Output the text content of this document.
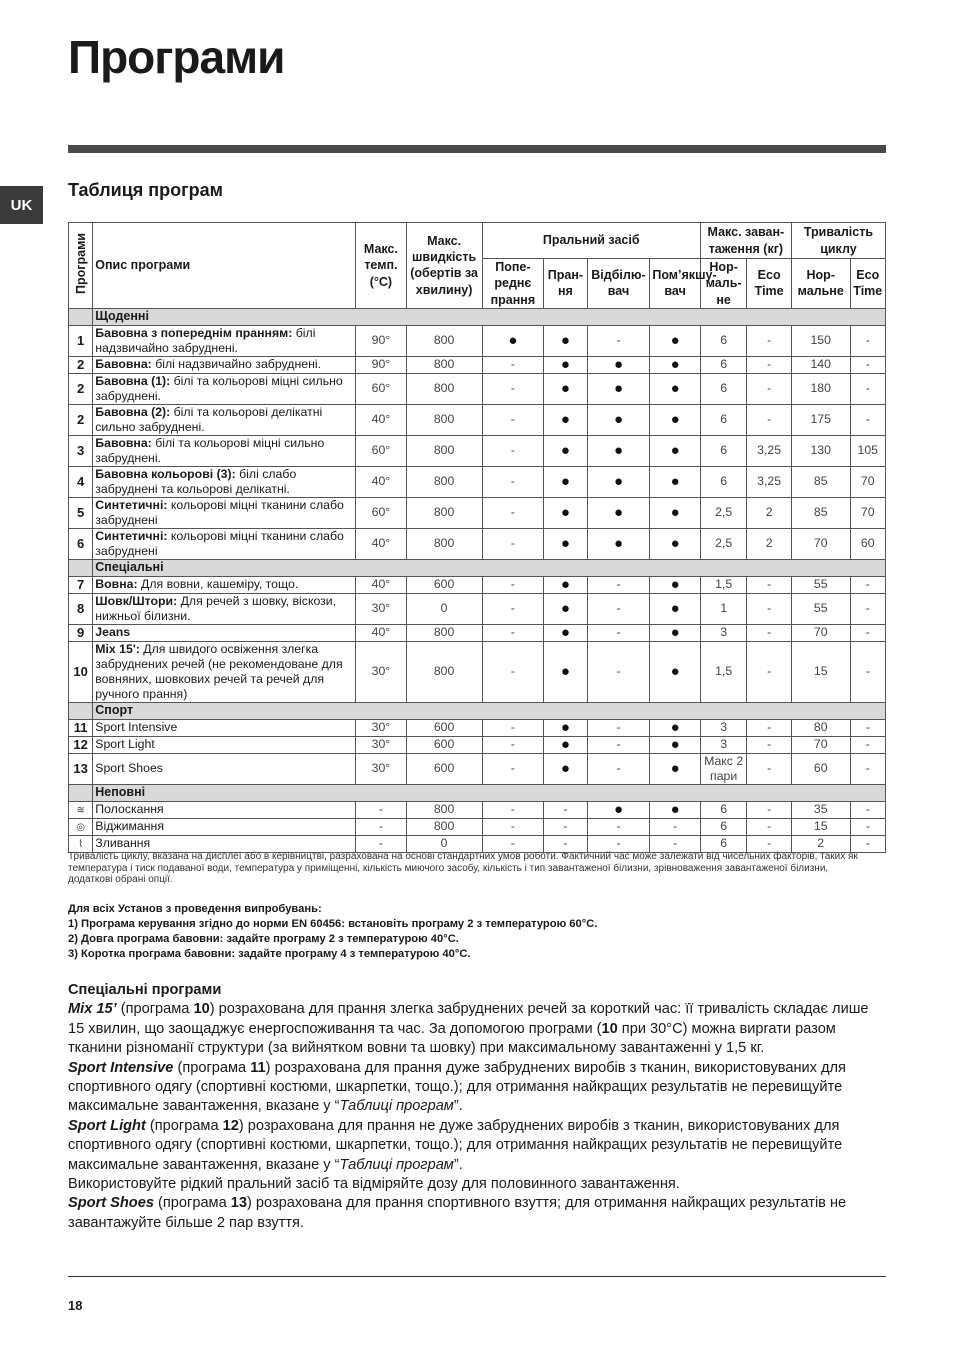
Програми
UK
Таблиця програм
Програми	Опис програми	Макс. темп. (°C)	Макс. швидкість (обертів за хвилину)	Пральний засіб				Макс. заван-таження (кг)		Тривалість циклу	
				Попе-реднє прання	Пран-ня	Відбілю-вач	Пом’якшу-вач	Нор-маль-не	Eco Time	Нор-мальне	Eco Time
	Щоденні										
1	Бавовна з попереднім пранням: білі надзвичайно забруднені.	90°	800	●	●	-	●	6	-	150	-
2	Бавовна: білі надзвичайно забруднені.	90°	800	-	●	●	●	6	-	140	-
2	Бавовна (1): білі та кольорові міцні сильно забруднені.	60°	800	-	●	●	●	6	-	180	-
2	Бавовна (2): білі та кольорові делікатні сильно забруднені.	40°	800	-	●	●	●	6	-	175	-
3	Бавовна: білі та кольорові міцні сильно забруднені.	60°	800	-	●	●	●	6	3,25	130	105
4	Бавовна кольорові (3): білі слабо забруднені та кольорові делікатні.	40°	800	-	●	●	●	6	3,25	85	70
5	Синтетичні: кольорові міцні тканини слабо забруднені	60°	800	-	●	●	●	2,5	2	85	70
6	Синтетичні: кольорові міцні тканини слабо забруднені	40°	800	-	●	●	●	2,5	2	70	60
	Спеціальні										
7	Вовна: Для вовни, кашеміру, тощо.	40°	600	-	●	-	●	1,5	-	55	-
8	Шовк/Штори: Для речей з шовку, віскози, нижньої білизни.	30°	0	-	●	-	●	1	-	55	-
9	Jeans	40°	800	-	●	-	●	3	-	70	-
10	Mix 15': Для швидого освіження злегка забруднених речей (не рекомендоване для вовняних, шовкових речей та речей для ручного прання)	30°	800	-	●	-	●	1,5	-	15	-
	Спорт										
11	Sport Intensive	30°	600	-	●	-	●	3	-	80	-
12	Sport Light	30°	600	-	●	-	●	3	-	70	-
13	Sport Shoes	30°	600	-	●	-	●	Макс 2 пари	-	60	-
	Неповні										
≋	Полоскання	-	800	-	-	●	●	6	-	35	-
◎	Віджимання	-	800	-	-	-	-	6	-	15	-
⌇	Зливання	-	0	-	-	-	-	6	-	2	-
Тривалість циклу, вказана на дисплеї або в керівництві, разрахована на основі стандартних умов роботи. Фактичний час може залежати від чисельних факторів, таких як температура і тиск подаваної води, температура у приміщенні, кількість миючого засобу, кількість і тип завантаженої білизни, зрівноваження завантаженої білизни, додаткові обрані опції.
Для всіх Установ з проведення випробувань:
1) Програма керування згідно до норми EN 60456: встановіть програму 2 з температурою 60°C.
2) Довга програма бавовни: задайте програму 2 з температурою 40°C.
3) Коротка програма бавовни: задайте програму 4 з температурою 40°C.
Спеціальні програми
Mix 15’ (програма 10) розрахована для прання злегка забруднених речей за короткий час: її тривалість складає лише 15 хвилин, що заощаджує енергоспоживання та час. За допомогою програми (10 при 30°C) можна виprати разом тканини різноманії структури (за вийнятком вовни та шовку) при максимальному завантаженні у 1,5 кг.
Sport Intensive (програма 11) розрахована для прання дуже забруднених виробів з тканин, використовуваних для спортивного одягу (спортивні костюми, шкарпетки, тощо.); для отримання найкращих результатів не перевищуйте максимальне завантаження, вказане у “Таблиці програм”.
Sport Light (програма 12) розрахована для прання не дуже забруднених виробів з тканин, використовуваних для спортивного одягу (спортивні костюми, шкарпетки, тощо.); для отримання найкращих результатів не перевищуйте максимальне завантаження, вказане у “Таблиці програм”.
Використовуйте рідкий пральний засіб та відміряйте дозу для половинного завантаження.
Sport Shoes (програма 13) розрахована для прання спортивного взуття; для отримання найкращих результатів не завантажуйте більше 2 пар взуття.
18
